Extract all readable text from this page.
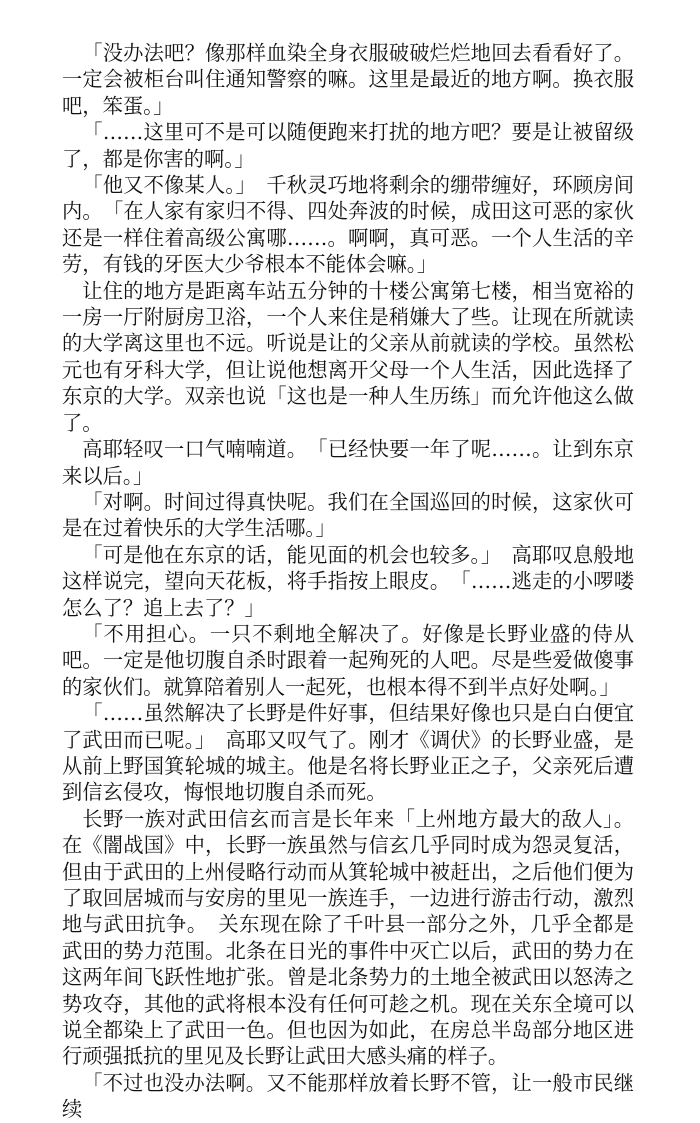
「没办法吧？像那样血染全身衣服破破烂烂地回去看看好了。一定会被柜台叫住通知警察的嘛。这里是最近的地方啊。换衣服吧，笨蛋。」

「……这里可不是可以随便跑来打扰的地方吧？要是让被留级了，都是你害的啊。」

「他又不像某人。」　千秋灵巧地将剩余的绷带缠好，环顾房间内。　「在人家有家归不得、四处奔波的时候，成田这可恶的家伙还是一样住着高级公寓哪……。啊啊，真可恶。一个人生活的辛劳，有钱的牙医大少爷根本不能体会嘛。」

让住的地方是距离车站五分钟的十楼公寓第七楼，相当宽裕的一房一厅附厨房卫浴，一个人来住是稍嫌大了些。让现在所就读的大学离这里也不远。听说是让的父亲从前就读的学校。虽然松元也有牙科大学，但让说他想离开父母一个人生活，因此选择了东京的大学。双亲也说「这也是一种人生历练」而允许他这么做了。

高耶轻叹一口气喃喃道。　「已经快要一年了呢……。让到东京来以后。」

「对啊。时间过得真快呢。我们在全国巡回的时候，这家伙可是在过着快乐的大学生活哪。」

「可是他在东京的话，能见面的机会也较多。」　高耶叹息般地这样说完，望向天花板，将手指按上眼皮。　「……逃走的小啰喽怎么了？追上去了？」

「不用担心。一只不剩地全解决了。好像是长野业盛的侍从吧。一定是他切腹自杀时跟着一起殉死的人吧。尽是些爱做傻事的家伙们。就算陪着别人一起死，也根本得不到半点好处啊。」

「……虽然解决了长野是件好事，但结果好像也只是白白便宜了武田而已呢。」　高耶又叹气了。刚才《调伏》的长野业盛，是从前上野国箕轮城的城主。他是名将长野业正之子，父亲死后遭到信玄侵攻，悔恨地切腹自杀而死。

长野一族对武田信玄而言是长年来「上州地方最大的敌人」。在《闇战国》中，长野一族虽然与信玄几乎同时成为怨灵复活，但由于武田的上州侵略行动而从箕轮城中被赶出，之后他们便为了取回居城而与安房的里见一族连手，一边进行游击行动，激烈地与武田抗争。　关东现在除了千叶县一部分之外，几乎全都是武田的势力范围。北条在日光的事件中灭亡以后，武田的势力在这两年间飞跃性地扩张。曾是北条势力的土地全被武田以怒涛之势攻夺，其他的武将根本没有任何可趁之机。现在关东全境可以说全都染上了武田一色。但也因为如此，在房总半岛部分地区进行顽强抵抗的里见及长野让武田大感头痛的样子。

「不过也没办法啊。又不能那样放着长野不管，让一般市民继续
